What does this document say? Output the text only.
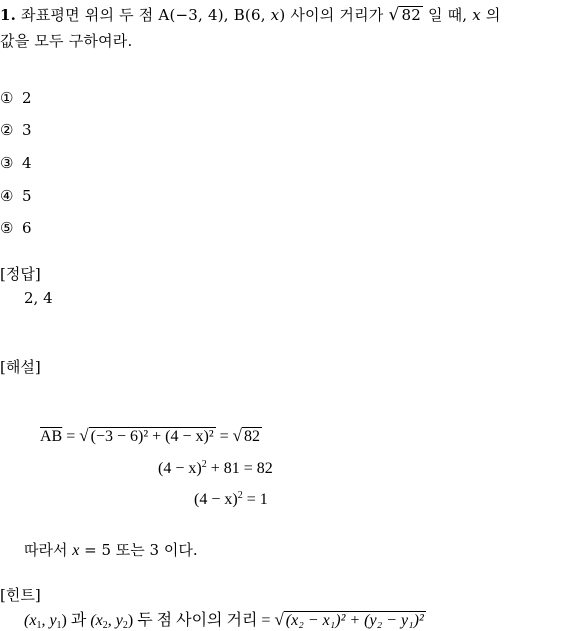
1. 좌표평면 위의 두 점 A(−3, 4), B(6, x) 사이의 거리가 √ 82 일 때, x 의
값을 모두 구하여라.
① 2
② 3
③ 4
④ 5
⑤ 6
[정답]
2, 4
[해설]
$\overline{AB}$ = √ (−3 − 6)² + (4 − x)² = √ 82
$(4 - x)^2 + 81 = 82$
$(4 - x)^2 = 1$
따라서 x = 5 또는 3 이다.
[힌트]
($x_1$, $y_1$) 과 ($x_2$, $y_2$) 두 점 사이의 거리 = √ (x₂ − x₁)² + (y₂ − y₁)²
